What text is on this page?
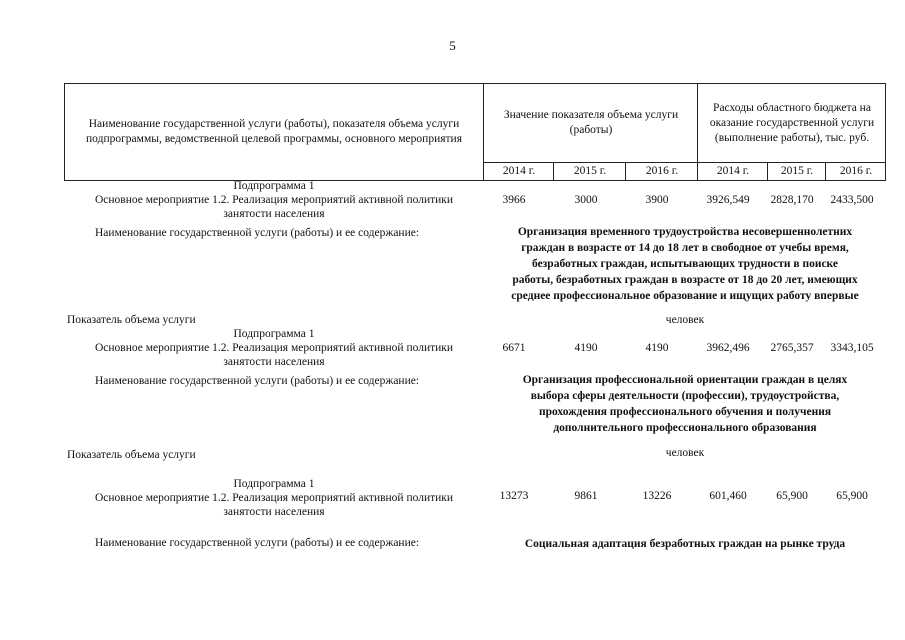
5
Наименование государственной услуги (работы), показателя объема услуги подпрограммы, ведомственной целевой программы, основного мероприятия
Значение показателя объема услуги (работы)
Расходы областного бюджета на оказание государственной услуги (выполнение работы), тыс. руб.
2014 г.	2015 г.	2016 г.	2014 г.	2015 г.	2016 г.
Подпрограмма 1
Основное мероприятие 1.2. Реализация мероприятий активной политики
занятости населения
3966	3000	3900	3926,549	2828,170	2433,500
Наименование государственной услуги (работы) и ее содержание:	Организация временного трудоустройства несовершеннолетних
граждан в возрасте от 14 до 18 лет в свободное от учебы время,
безработных граждан, испытывающих трудности в поиске
работы, безработных граждан в возрасте от 18 до 20 лет, имеющих
среднее профессиональное образование и ищущих работу впервые
Показатель объема услуги	человек
Подпрограмма 1
Основное мероприятие 1.2. Реализация мероприятий активной политики
занятости населения
6671	4190	4190	3962,496	2765,357	3343,105
Наименование государственной услуги (работы) и ее содержание:	Организация профессиональной ориентации граждан в целях
выбора сферы деятельности (профессии), трудоустройства,
прохождения профессионального обучения и получения
дополнительного профессионального образования
Показатель объема услуги	человек
Подпрограмма 1
Основное мероприятие 1.2. Реализация мероприятий активной политики
занятости населения
13273	9861	13226	601,460	65,900	65,900
Наименование государственной услуги (работы) и ее содержание:	Социальная адаптация безработных граждан на рынке труда
